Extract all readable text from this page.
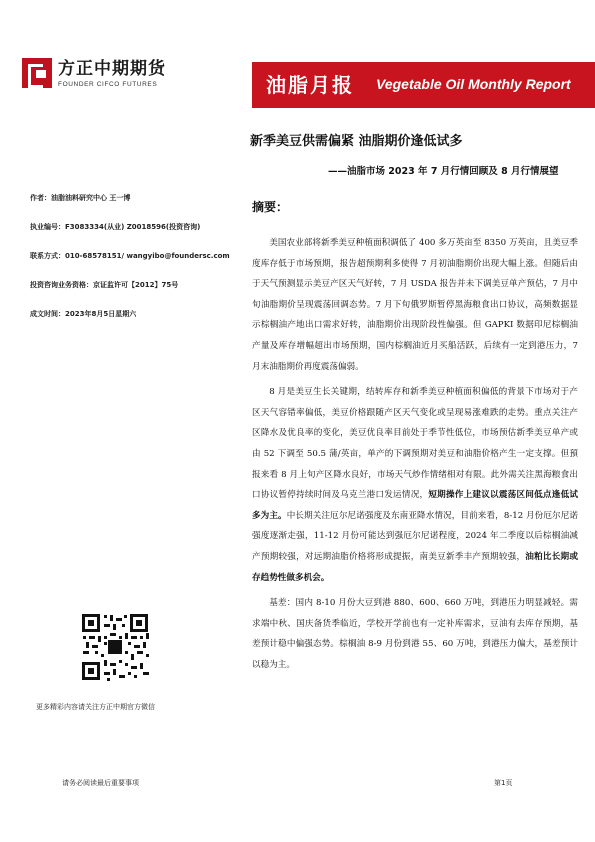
方正中期期货
FOUNDER CIFCO FUTURES	油脂月报 Vegetable Oil Monthly Report
新季美豆供需偏紧 油脂期价逢低试多
——油脂市场 2023 年 7 月行情回顾及 8 月行情展望
作者：油脂油料研究中心 王一博
执业编号：F3083334(从业) Z0018596(投资咨询)
联系方式：010-68578151/ wangyibo@foundersc.com
投资咨询业务资格：京证监许可【2012】75号
成文时间：2023年8月5日星期六
更多精彩内容请关注方正中期官方微信
摘要：

美国农业部将新季美豆种植面积调低了 400 多万英亩至 8350 万英亩，且美豆季度库存低于市场预期，报告超预期利多使得 7 月初油脂期价出现大幅上涨。但随后由于天气预测显示美豆产区天气好转，7 月 USDA 报告并未下调美豆单产预估，7 月中旬油脂期价呈现震荡回调态势。7 月下旬俄罗斯暂停黑海粮食出口协议，高频数据显示棕榈油产地出口需求好转，油脂期价出现阶段性偏强。但 GAPKI 数据印尼棕榈油产量及库存增幅超出市场预期，国内棕榈油近月买船活跃，后续有一定到港压力，7 月末油脂期价再度震荡偏弱。

8 月是美豆生长关键期，结转库存和新季美豆种植面积偏低的背景下市场对于产区天气容错率偏低，美豆价格跟随产区天气变化或呈现易涨难跌的走势。重点关注产区降水及优良率的变化，美豆优良率目前处于季节性低位，市场预估新季美豆单产或由 52 下调至 50.5 蒲/英亩，单产的下调预期对美豆和油脂价格产生一定支撑。但預报来看 8 月上旬产区降水良好，市场天气炒作情绪相对有限。此外需关注黑海粮食出口协议暂停持续时间及乌克兰港口发运情况，短期操作上建议以震荡区间低点逢低试多为主。中长期关注厄尔尼诺强度及东南亚降水情况，目前来看，8-12 月份厄尔尼诺强度逐渐走强，11-12 月份可能达到强厄尔尼诺程度，2024 年二季度以后棕榈油减产预期较强，对远期油脂价格将形成提振，南美豆新季丰产预期较强，油粕比长期或存趋势性做多机会。

基差：国内 8-10 月份大豆到港 880、600、660 万吨，到港压力明显减轻。需求端中秋、国庆备货季临近，学校开学前也有一定补库需求，豆油有去库存预期，基差预计稳中偏强态势。棕榈油 8-9 月份到港 55、60 万吨，到港压力偏大，基差预计以稳为主。

请务必阅读最后重要事项	第1页
